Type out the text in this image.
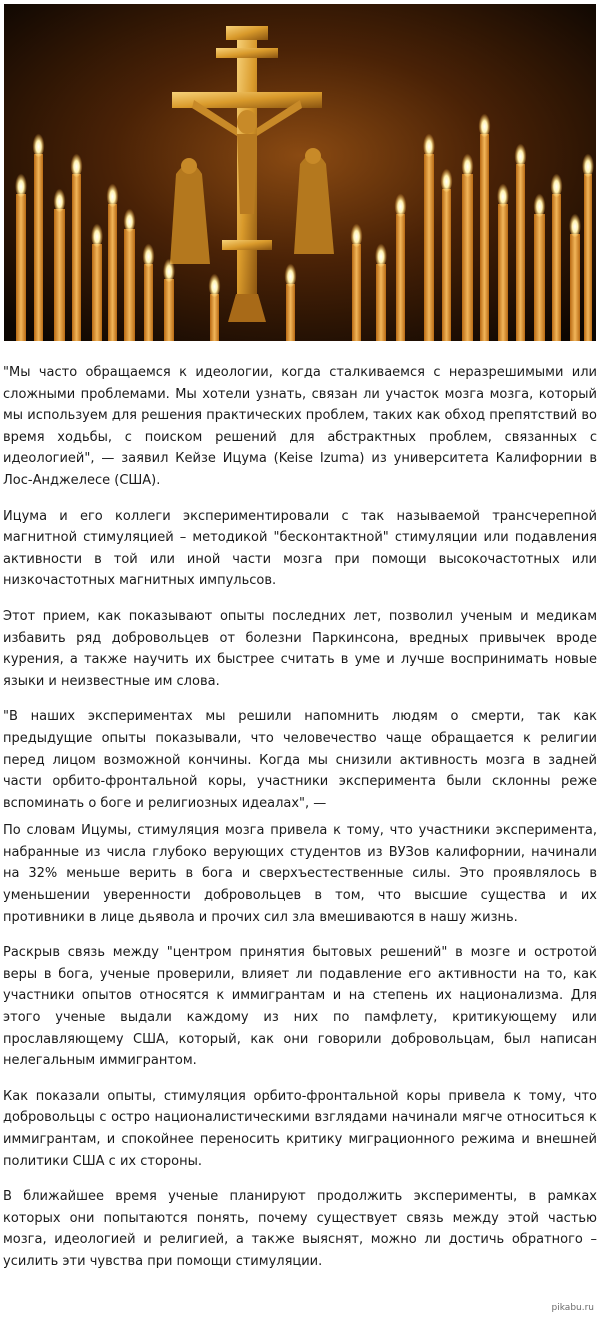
"Мы часто обращаемся к идеологии, когда сталкиваемся с неразрешимыми или сложными проблемами. Мы хотели узнать, связан ли участок мозга мозга, который мы используем для решения практических проблем, таких как обход препятствий во время ходьбы, с поиском решений для абстрактных проблем, связанных с идеологией", — заявил Кейзе Ицума (Keise Izuma) из университета Калифорнии в Лос-Анджелесе (США).

Ицума и его коллеги экспериментировали с так называемой трансчерепной магнитной стимуляцией – методикой "бесконтактной" стимуляции или подавления активности в той или иной части мозга при помощи высокочастотных или низкочастотных магнитных импульсов.

Этот прием, как показывают опыты последних лет, позволил ученым и медикам избавить ряд добровольцев от болезни Паркинсона, вредных привычек вроде курения, а также научить их быстрее считать в уме и лучше воспринимать новые языки и неизвестные им слова.

"В наших экспериментах мы решили напомнить людям о смерти, так как предыдущие опыты показывали, что человечество чаще обращается к религии перед лицом возможной кончины. Когда мы снизили активность мозга в задней части орбито-фронтальной коры, участники эксперимента были склонны реже вспоминать о боге и религиозных идеалах", —

По словам Ицумы, стимуляция мозга привела к тому, что участники эксперимента, набранные из числа глубоко верующих студентов из ВУЗов калифорнии, начинали на 32% меньше верить в бога и сверхъестественные силы. Это проявлялось в уменьшении уверенности добровольцев в том, что высшие существа и их противники в лице дьявола и прочих сил зла вмешиваются в нашу жизнь.

Раскрыв связь между "центром принятия бытовых решений" в мозге и остротой веры в бога, ученые проверили, влияет ли подавление его активности на то, как участники опытов относятся к иммигрантам и на степень их национализма. Для этого ученые выдали каждому из них по памфлету, критикующему или прославляющему США, который, как они говорили добровольцам, был написан нелегальным иммигрантом.

Как показали опыты, стимуляция орбито-фронтальной коры привела к тому, что добровольцы с остро националистическими взглядами начинали мягче относиться к иммигрантам, и спокойнее переносить критику миграционного режима и внешней политики США с их стороны.

В ближайшее время ученые планируют продолжить эксперименты, в рамках которых они попытаются понять, почему существует связь между этой частью мозга, идеологией и религией, а также выяснят, можно ли достичь обратного – усилить эти чувства при помощи стимуляции.

pikabu.ru
